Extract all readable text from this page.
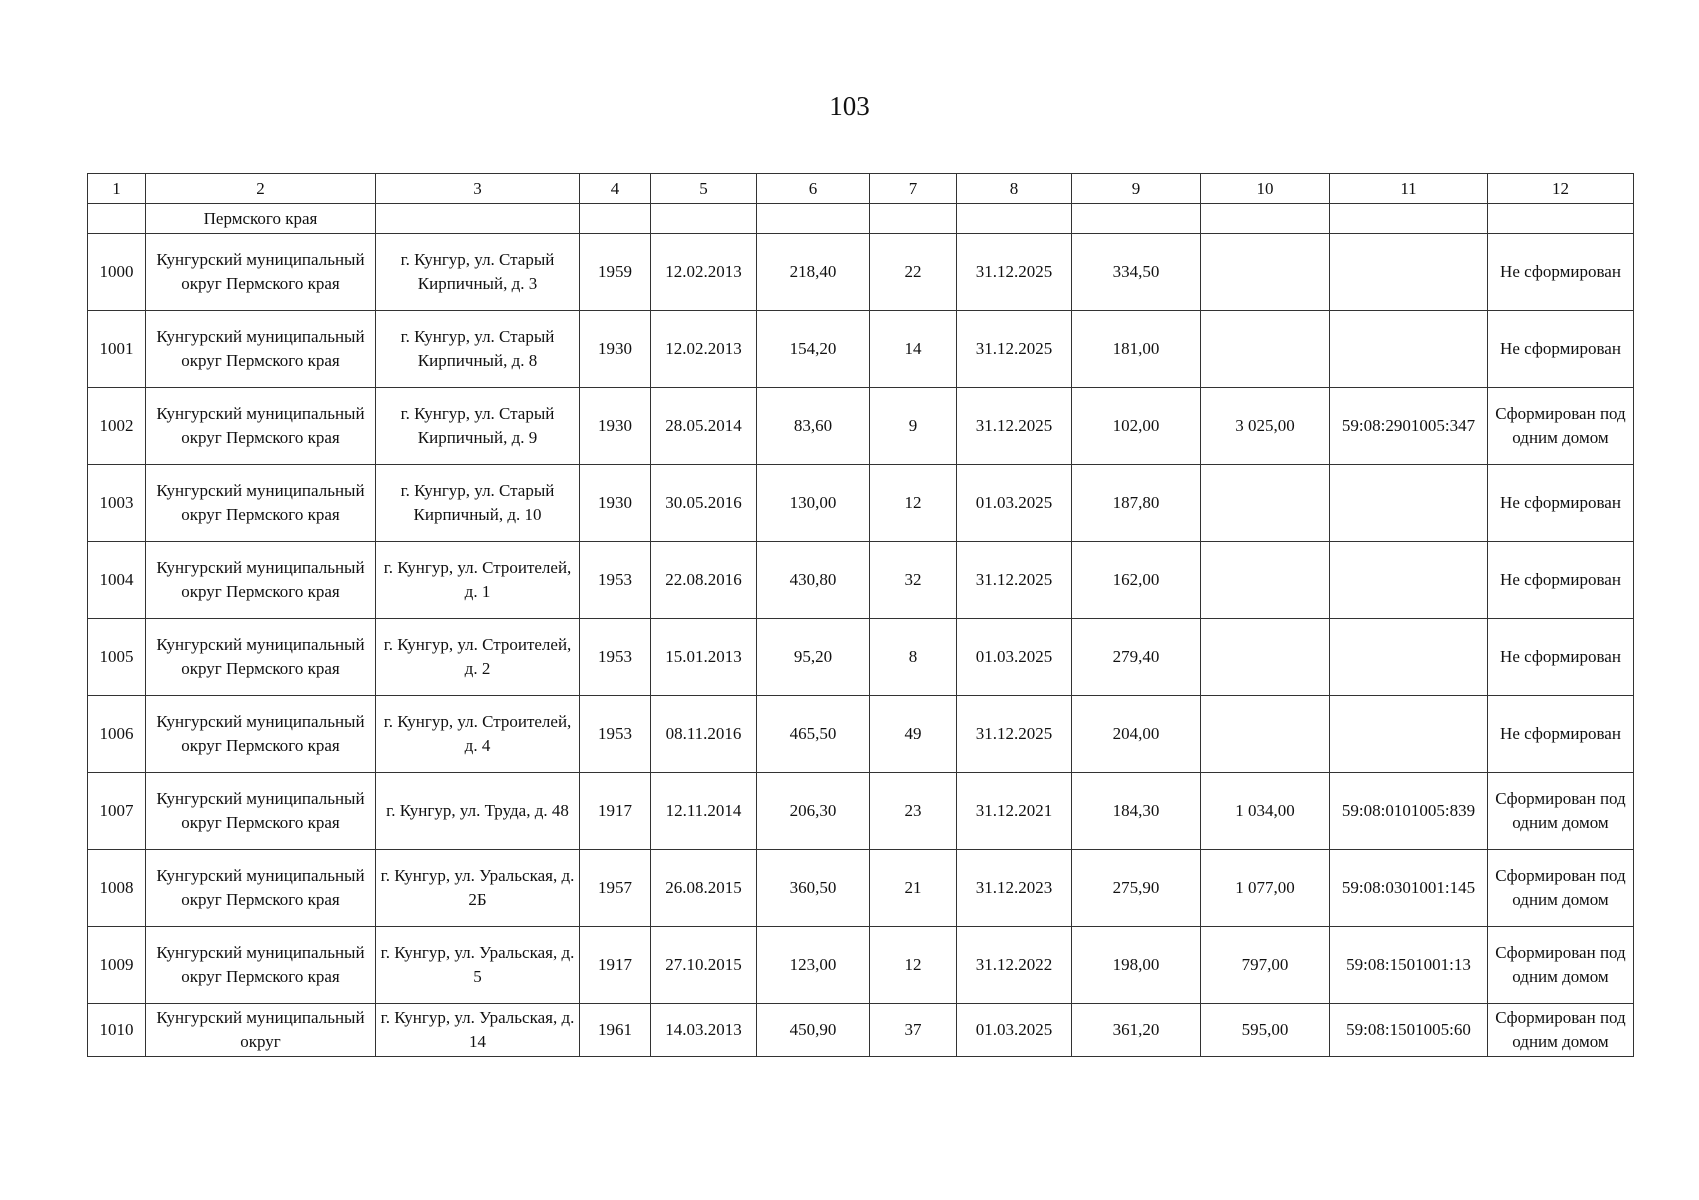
103
1	2	3	4	5	6	7	8	9	10	11	12
	Пермского края										
1000	Кунгурский муниципальный округ Пермского края	г. Кунгур, ул. Старый Кирпичный, д. 3	1959	12.02.2013	218,40	22	31.12.2025	334,50			Не сформирован
1001	Кунгурский муниципальный округ Пермского края	г. Кунгур, ул. Старый Кирпичный, д. 8	1930	12.02.2013	154,20	14	31.12.2025	181,00			Не сформирован
1002	Кунгурский муниципальный округ Пермского края	г. Кунгур, ул. Старый Кирпичный, д. 9	1930	28.05.2014	83,60	9	31.12.2025	102,00	3 025,00	59:08:2901005:347	Сформирован под одним домом
1003	Кунгурский муниципальный округ Пермского края	г. Кунгур, ул. Старый Кирпичный, д. 10	1930	30.05.2016	130,00	12	01.03.2025	187,80			Не сформирован
1004	Кунгурский муниципальный округ Пермского края	г. Кунгур, ул. Строителей, д. 1	1953	22.08.2016	430,80	32	31.12.2025	162,00			Не сформирован
1005	Кунгурский муниципальный округ Пермского края	г. Кунгур, ул. Строителей, д. 2	1953	15.01.2013	95,20	8	01.03.2025	279,40			Не сформирован
1006	Кунгурский муниципальный округ Пермского края	г. Кунгур, ул. Строителей, д. 4	1953	08.11.2016	465,50	49	31.12.2025	204,00			Не сформирован
1007	Кунгурский муниципальный округ Пермского края	г. Кунгур, ул. Труда, д. 48	1917	12.11.2014	206,30	23	31.12.2021	184,30	1 034,00	59:08:0101005:839	Сформирован под одним домом
1008	Кунгурский муниципальный округ Пермского края	г. Кунгур, ул. Уральская, д. 2Б	1957	26.08.2015	360,50	21	31.12.2023	275,90	1 077,00	59:08:0301001:145	Сформирован под одним домом
1009	Кунгурский муниципальный округ Пермского края	г. Кунгур, ул. Уральская, д. 5	1917	27.10.2015	123,00	12	31.12.2022	198,00	797,00	59:08:1501001:13	Сформирован под одним домом
1010	Кунгурский муниципальный округ	г. Кунгур, ул. Уральская, д. 14	1961	14.03.2013	450,90	37	01.03.2025	361,20	595,00	59:08:1501005:60	Сформирован под одним домом
